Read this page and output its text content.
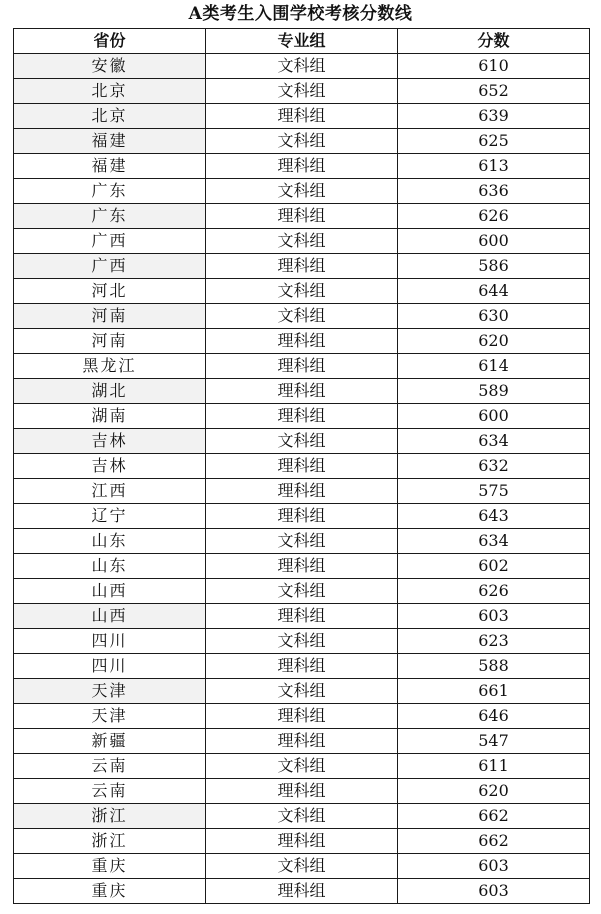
A类考生入围学校考核分数线
省份	专业组	分数
安徽	文科组	610
北京	文科组	652
北京	理科组	639
福建	文科组	625
福建	理科组	613
广东	文科组	636
广东	理科组	626
广西	文科组	600
广西	理科组	586
河北	文科组	644
河南	文科组	630
河南	理科组	620
黑龙江	理科组	614
湖北	理科组	589
湖南	理科组	600
吉林	文科组	634
吉林	理科组	632
江西	理科组	575
辽宁	理科组	643
山东	文科组	634
山东	理科组	602
山西	文科组	626
山西	理科组	603
四川	文科组	623
四川	理科组	588
天津	文科组	661
天津	理科组	646
新疆	理科组	547
云南	文科组	611
云南	理科组	620
浙江	文科组	662
浙江	理科组	662
重庆	文科组	603
重庆	理科组	603
